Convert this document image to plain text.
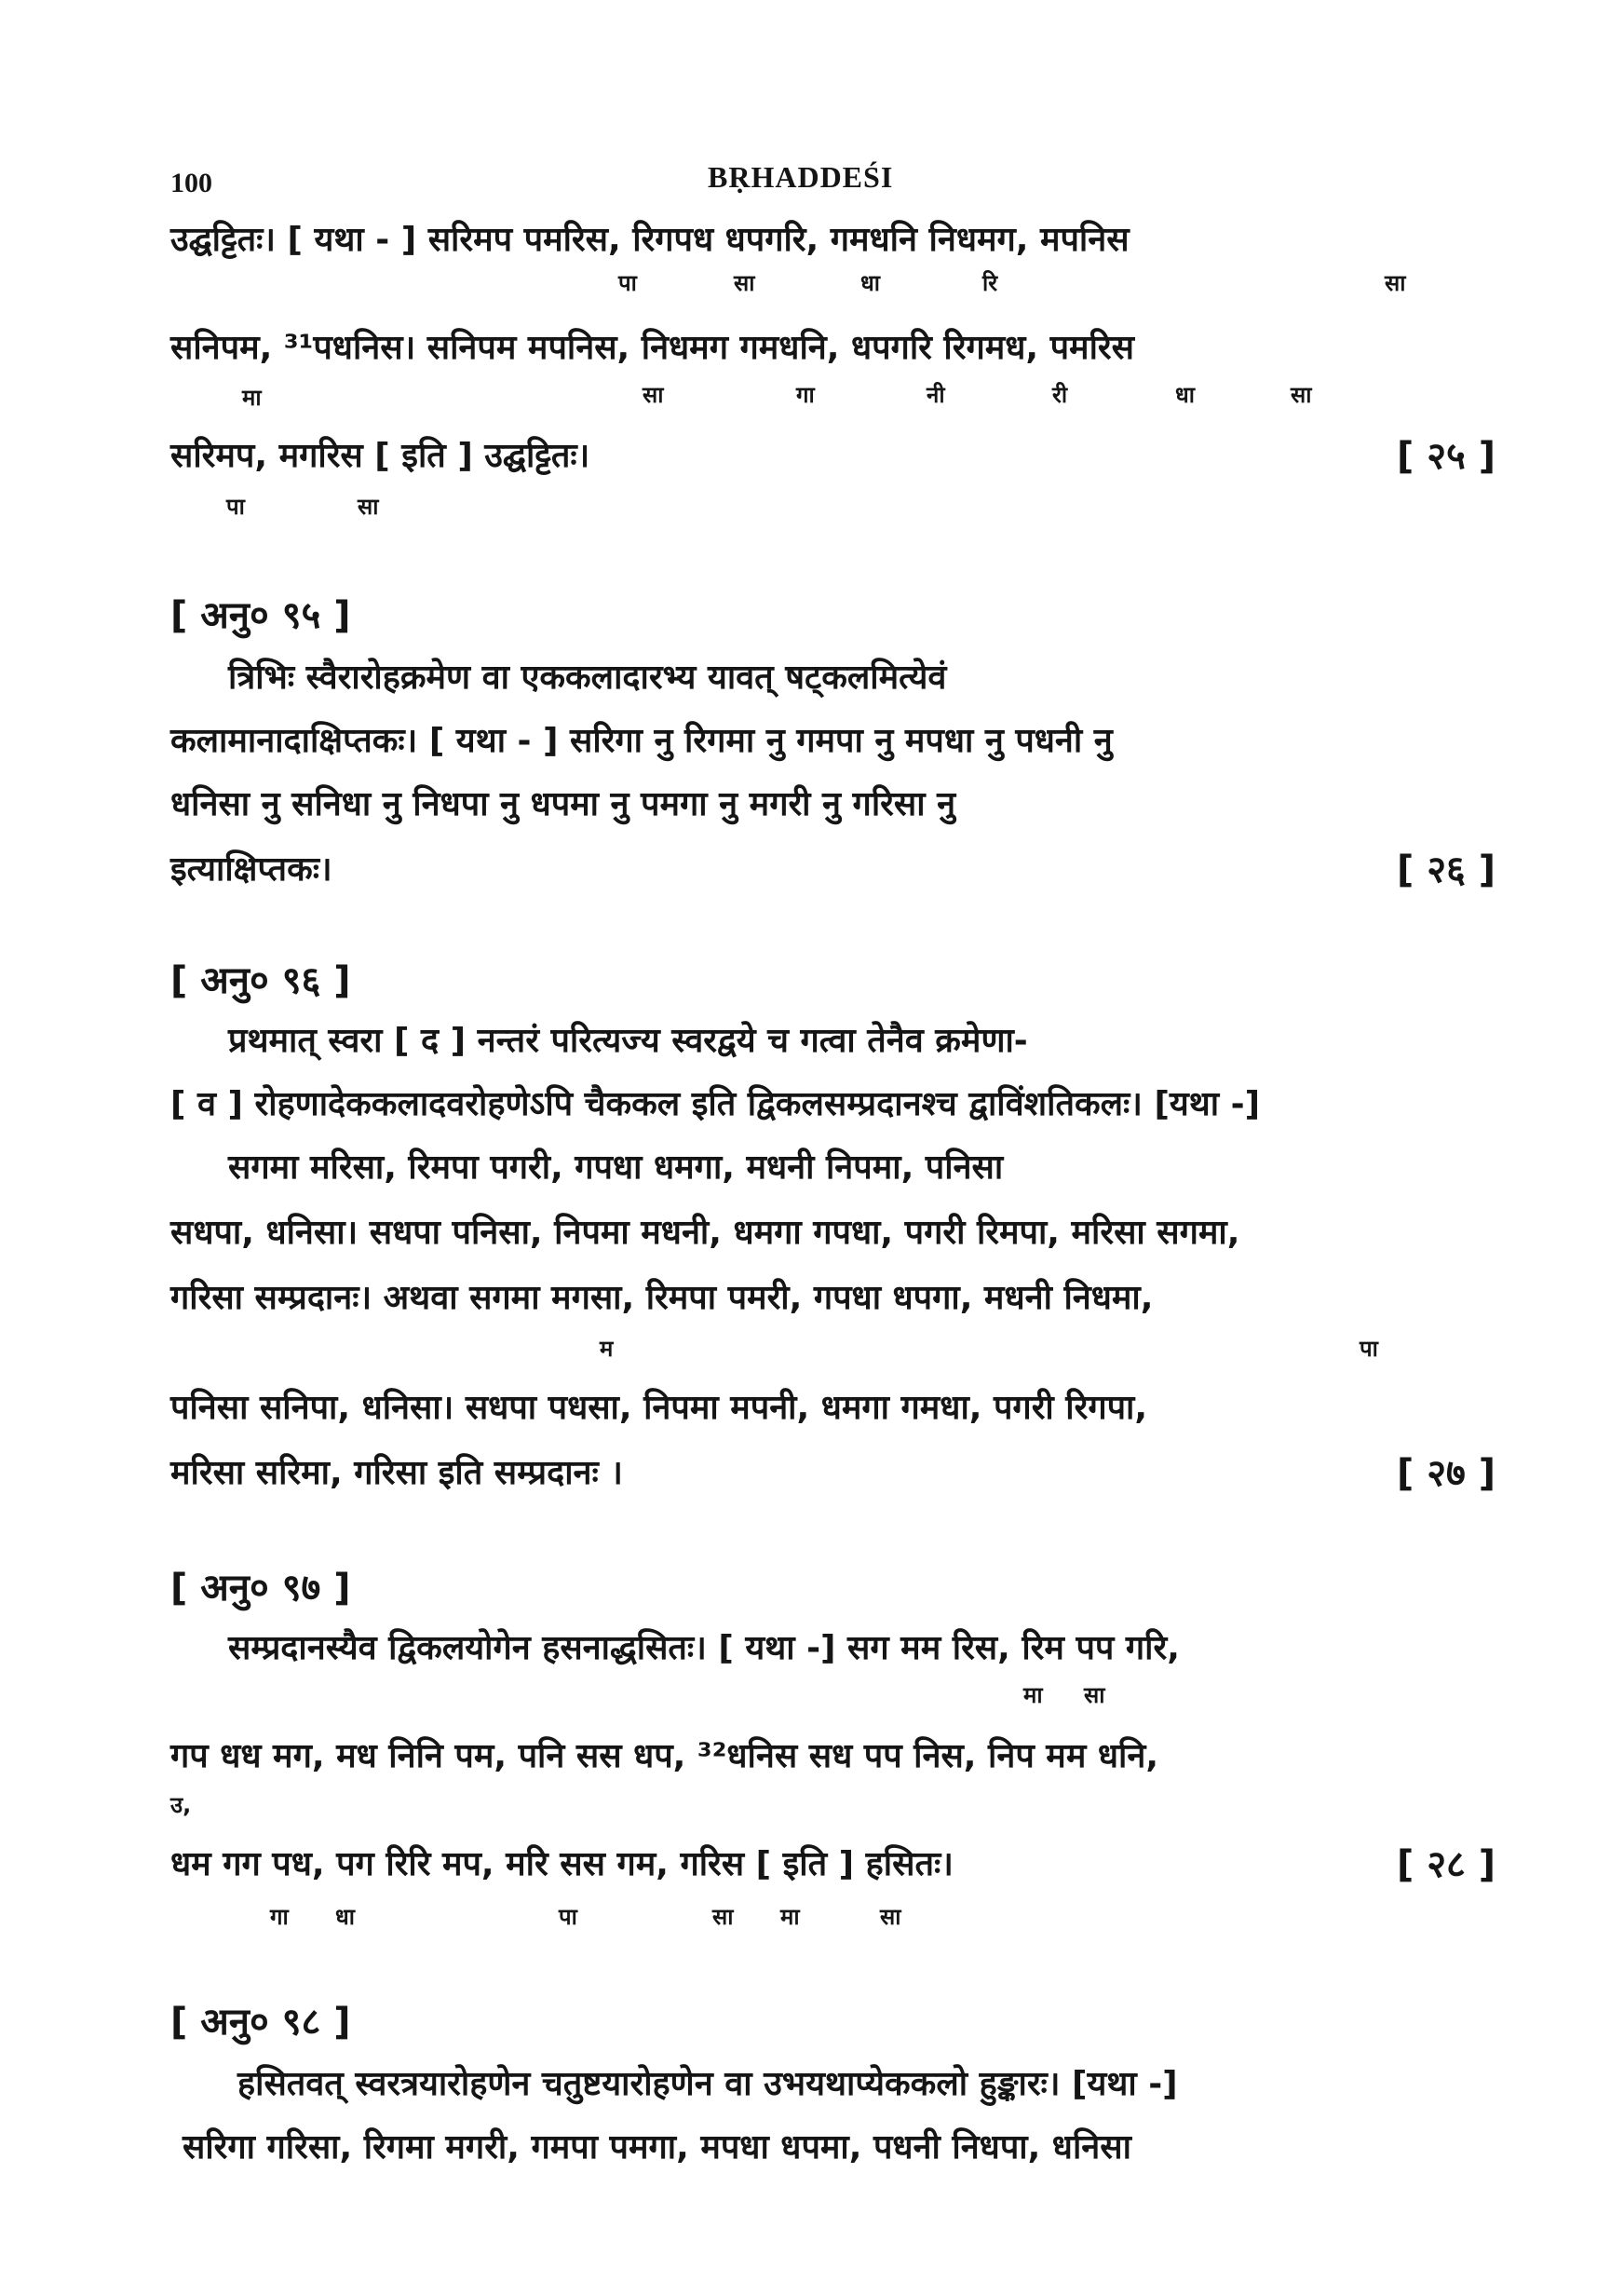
100	BṚHADDEŚI
उद्घट्टितः। [ यथा - ] सरिमप पमरिस, रिगपध धपगरि, गमधनि निधमग, मपनिस
पा	सा	धा	रि	सा
सनिपम, ³¹पधनिस। सनिपम मपनिस, निधमग गमधनि, धपगरि रिगमध, पमरिस
मा	सा	गा	नी	री	धा	सा
सरिमप, मगरिस [ इति ] उद्घट्टितः।	[ २५ ]
पा	सा
[ अनु० ९५ ]
त्रिभिः स्वैरारोहक्रमेण वा एककलादारभ्य यावत् षट्कलमित्येवं
कलामानादाक्षिप्तकः। [ यथा - ] सरिगा नु रिगमा नु गमपा नु मपधा नु पधनी नु
धनिसा नु सनिधा नु निधपा नु धपमा नु पमगा नु मगरी नु गरिसा नु
इत्याक्षिप्तकः।	[ २६ ]
[ अनु० ९६ ]
प्रथमात् स्वरा [ द ] नन्तरं परित्यज्य स्वरद्वये च गत्वा तेनैव क्रमेणा-
[ व ] रोहणादेककलादवरोहणेऽपि चैककल इति द्विकलसम्प्रदानश्च द्वाविंशतिकलः। [यथा -]
सगमा मरिसा, रिमपा पगरी, गपधा धमगा, मधनी निपमा, पनिसा
सधपा, धनिसा। सधपा पनिसा, निपमा मधनी, धमगा गपधा, पगरी रिमपा, मरिसा सगमा,
गरिसा सम्प्रदानः। अथवा सगमा मगसा, रिमपा पमरी, गपधा धपगा, मधनी निधमा,
म	पा
पनिसा सनिपा, धनिसा। सधपा पधसा, निपमा मपनी, धमगा गमधा, पगरी रिगपा,
मरिसा सरिमा, गरिसा इति सम्प्रदानः ।	[ २७ ]
[ अनु० ९७ ]
सम्प्रदानस्यैव द्विकलयोगेन हसनाद्धसितः। [ यथा -] सग मम रिस, रिम पप गरि,
मा सा
गप धध मग, मध निनि पम, पनि सस धप, ³²धनिस सध पप निस, निप मम धनि,
उ,
धम गग पध, पग रिरि मप, मरि सस गम, गरिस [ इति ] हसितः।	[ २८ ]
गा धा	पा	सा मा	सा
[ अनु० ९८ ]
हसितवत् स्वरत्रयारोहणेन चतुष्टयारोहणेन वा उभयथाप्येककलो हुङ्कारः। [यथा -]
सरिगा गरिसा, रिगमा मगरी, गमपा पमगा, मपधा धपमा, पधनी निधपा, धनिसा
